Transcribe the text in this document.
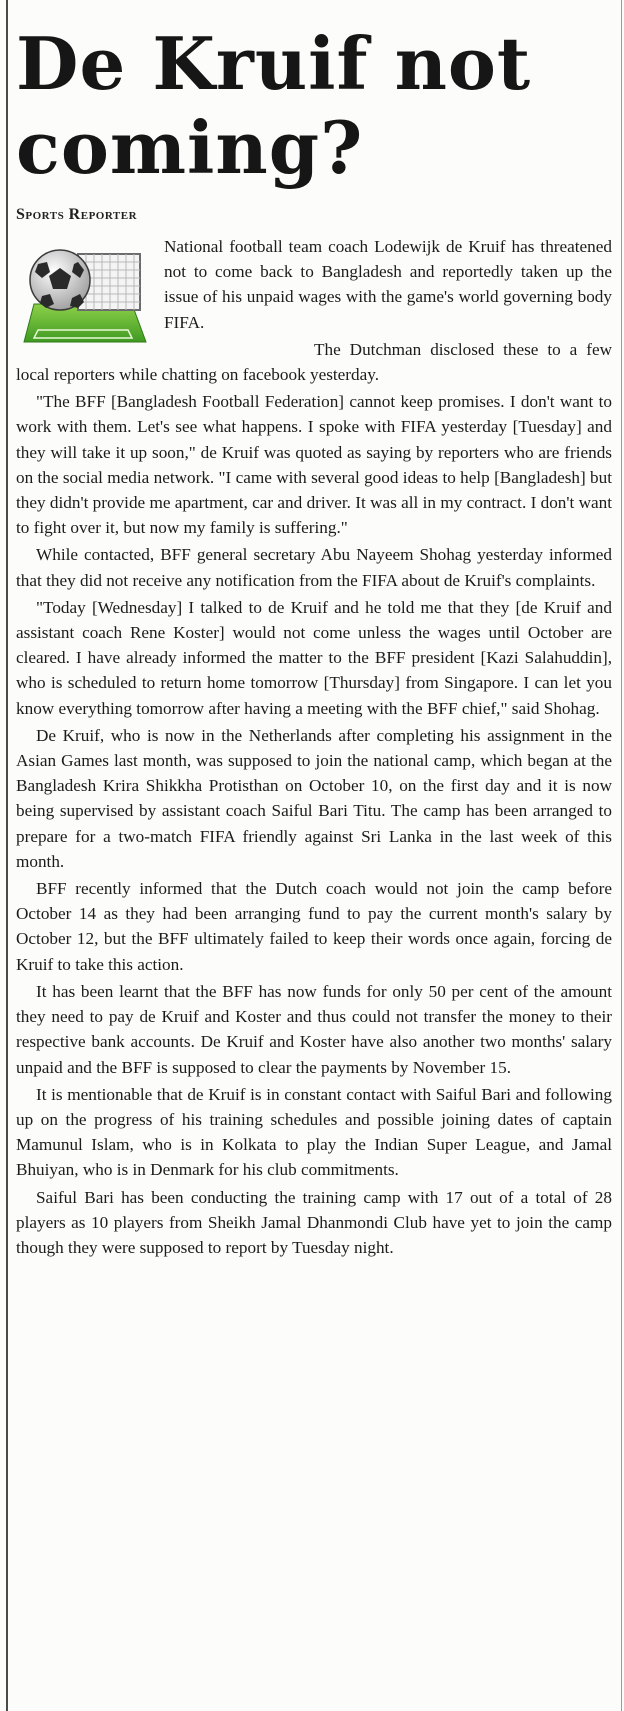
De Kruif not coming?
Sports Reporter

National football team coach Lodewijk de Kruif has threatened not to come back to Bangladesh and reportedly taken up the issue of his unpaid wages with the game's world governing body FIFA.

The Dutchman disclosed these to a few local reporters while chatting on facebook yesterday.

"The BFF [Bangladesh Football Federation] cannot keep promises. I don't want to work with them. Let's see what happens. I spoke with FIFA yesterday [Tuesday] and they will take it up soon," de Kruif was quoted as saying by reporters who are friends on the social media network. "I came with several good ideas to help [Bangladesh] but they didn't provide me apartment, car and driver. It was all in my contract. I don't want to fight over it, but now my family is suffering."

While contacted, BFF general secretary Abu Nayeem Shohag yesterday informed that they did not receive any notification from the FIFA about de Kruif's complaints.

"Today [Wednesday] I talked to de Kruif and he told me that they [de Kruif and assistant coach Rene Koster] would not come unless the wages until October are cleared. I have already informed the matter to the BFF president [Kazi Salahuddin], who is scheduled to return home tomorrow [Thursday] from Singapore. I can let you know everything tomorrow after having a meeting with the BFF chief," said Shohag.

De Kruif, who is now in the Netherlands after completing his assignment in the Asian Games last month, was supposed to join the national camp, which began at the Bangladesh Krira Shikkha Protisthan on October 10, on the first day and it is now being supervised by assistant coach Saiful Bari Titu. The camp has been arranged to prepare for a two-match FIFA friendly against Sri Lanka in the last week of this month.

BFF recently informed that the Dutch coach would not join the camp before October 14 as they had been arranging fund to pay the current month's salary by October 12, but the BFF ultimately failed to keep their words once again, forcing de Kruif to take this action.

It has been learnt that the BFF has now funds for only 50 per cent of the amount they need to pay de Kruif and Koster and thus could not transfer the money to their respective bank accounts. De Kruif and Koster have also another two months' salary unpaid and the BFF is supposed to clear the payments by November 15.

It is mentionable that de Kruif is in constant contact with Saiful Bari and following up on the progress of his training schedules and possible joining dates of captain Mamunul Islam, who is in Kolkata to play the Indian Super League, and Jamal Bhuiyan, who is in Denmark for his club commitments.

Saiful Bari has been conducting the training camp with 17 out of a total of 28 players as 10 players from Sheikh Jamal Dhanmondi Club have yet to join the camp though they were supposed to report by Tuesday night.
